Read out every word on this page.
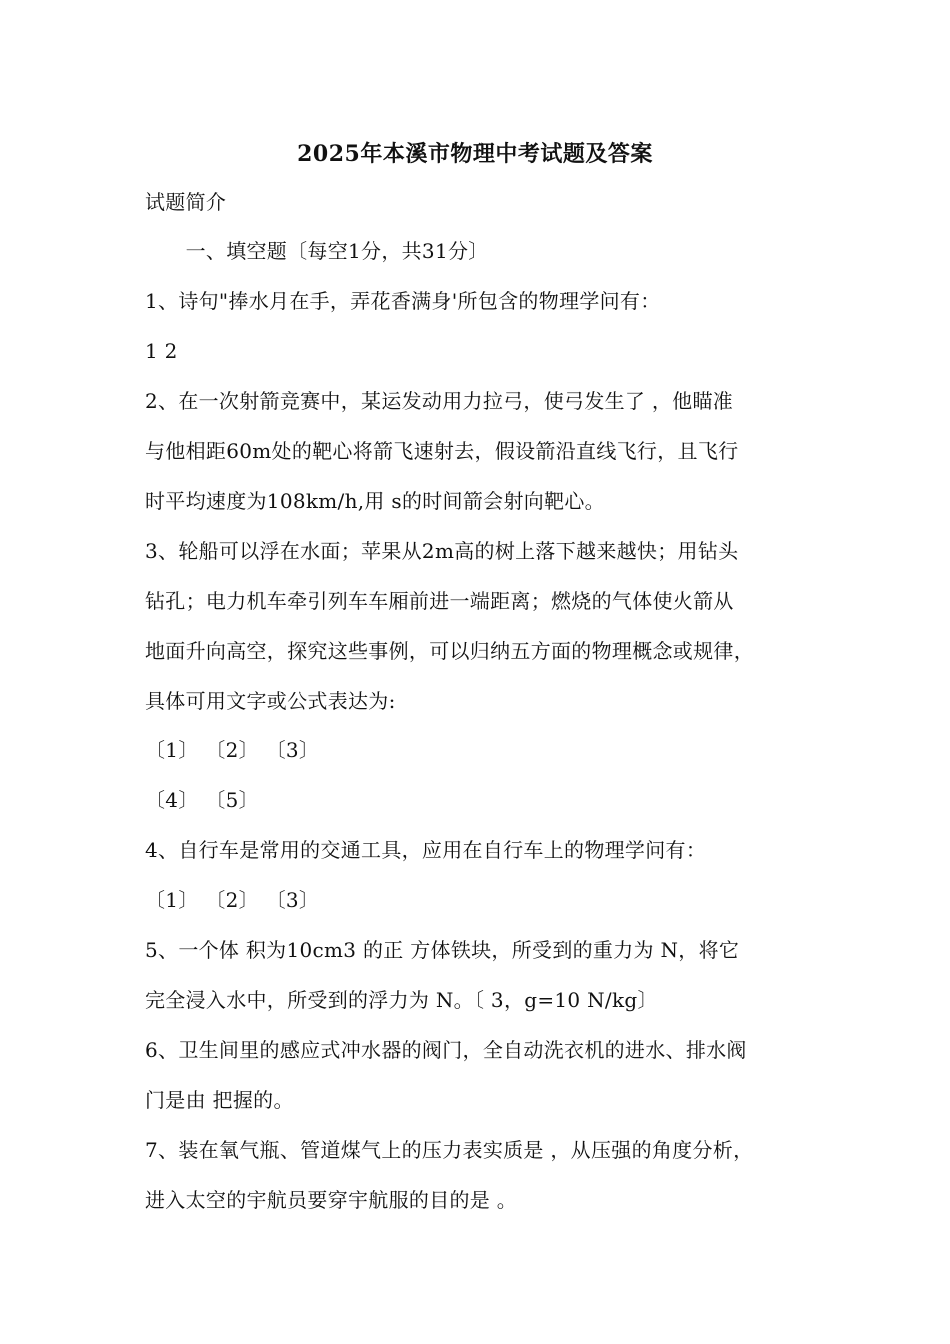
2025年本溪市物理中考试题及答案
试题简介
　　一、填空题〔每空1分，共31分〕
1、诗句"捧水月在手，弄花香满身'所包含的物理学问有：
1 2
2、在一次射箭竞赛中，某运发动用力拉弓，使弓发生了 ，他瞄准
与他相距60m处的靶心将箭飞速射去，假设箭沿直线飞行，且飞行
时平均速度为108km/h,用 s的时间箭会射向靶心。
3、轮船可以浮在水面；苹果从2m高的树上落下越来越快；用钻头
钻孔；电力机车牵引列车车厢前进一端距离；燃烧的气体使火箭从
地面升向高空，探究这些事例，可以归纳五方面的物理概念或规律，
具体可用文字或公式表达为:
〔1〕 〔2〕 〔3〕
〔4〕 〔5〕
4、自行车是常用的交通工具，应用在自行车上的物理学问有：
〔1〕 〔2〕 〔3〕
5、一个体 积为10cm3 的正 方体铁块，所受到的重力为 N，将它
完全浸入水中，所受到的浮力为 N。〔 3，g=10 N/kg〕
6、卫生间里的感应式冲水器的阀门，全自动洗衣机的进水、排水阀
门是由 把握的。
7、装在氧气瓶、管道煤气上的压力表实质是 ，从压强的角度分析，
进入太空的宇航员要穿宇航服的目的是 。
